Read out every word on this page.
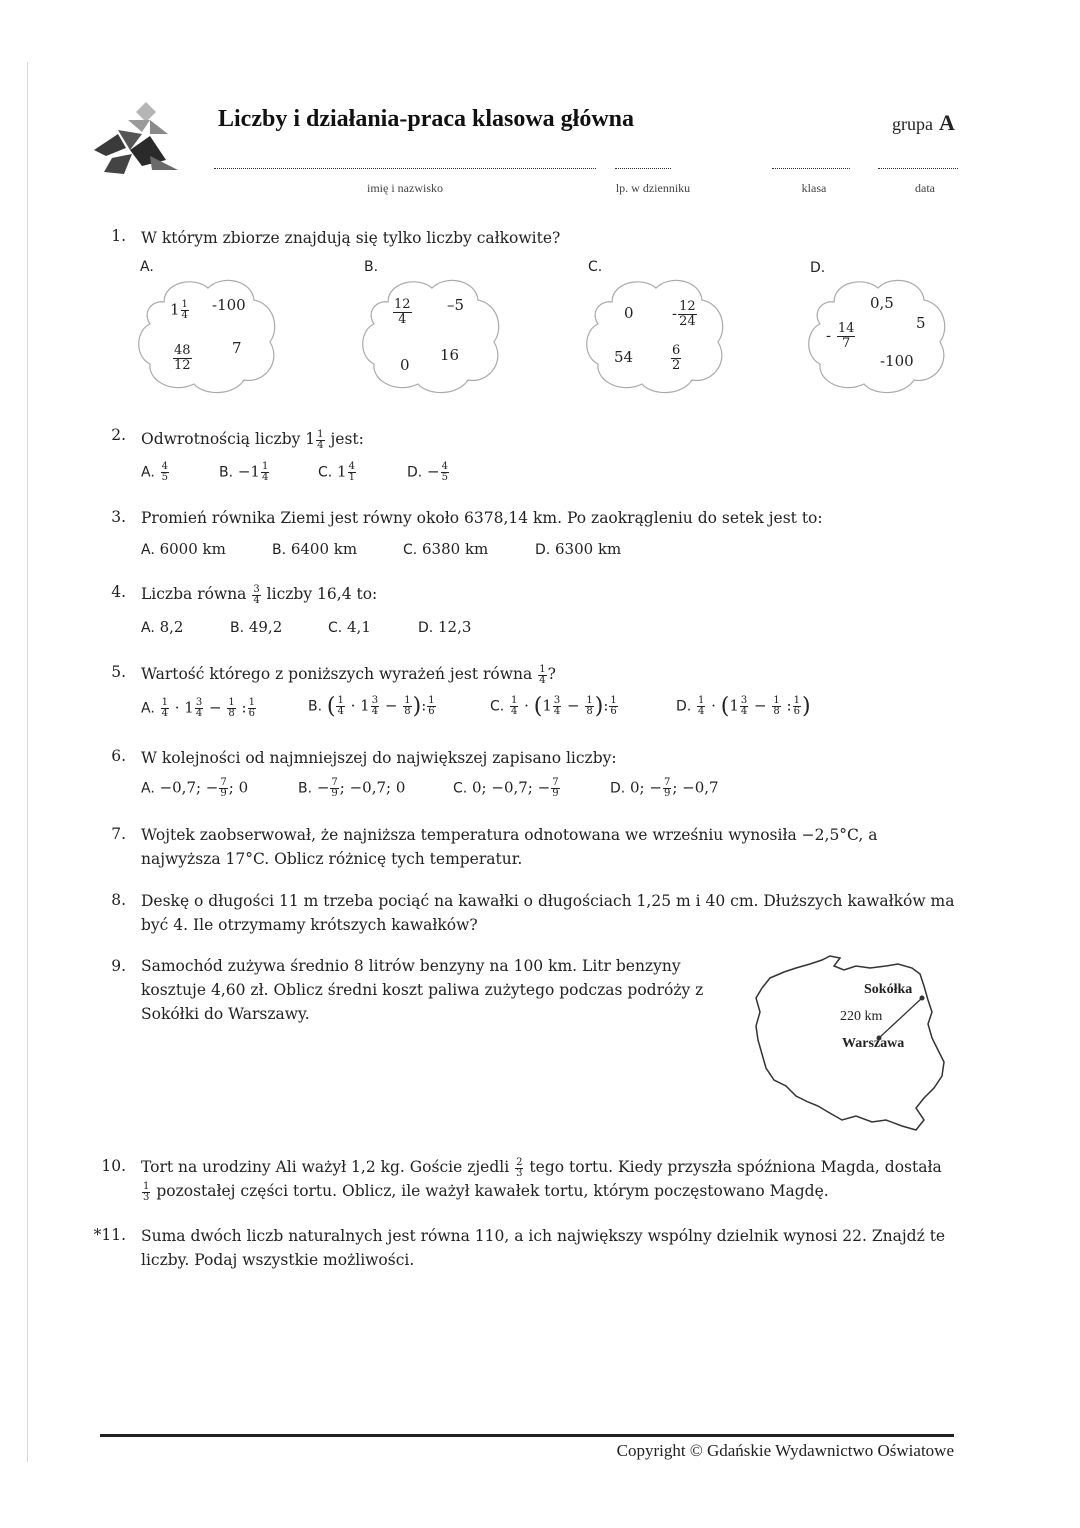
Liczby i działania-praca klasowa główna	grupa A
imię i nazwisko	lp. w dzienniku	klasa	data
1. W którym zbiorze znajdują się tylko liczby całkowite?
A.
$1 \frac{1}{4} -100$
$\frac{48}{12}$	7
B.
$\frac{12}{4} -5$
0
16
C.
0	- $\frac{12}{24}$
54	$\frac{6}{2}$
D.
0,5
5
- $\frac{14}{7}$
-100
2. Odwrotnością liczby $1 \frac{1}{4}$ jest:
A. $\frac{4}{5}$	B. $-1 \frac{1}{4}$	C. $1 \frac{4}{1}$	D. − $\frac{4}{5}$
3. Promień równika Ziemi jest równy około 6378,14 km. Po zaokrągleniu do setek jest to:
A. 6000 km	B. 6400 km	C. 6380 km	D. 6300 km
4. Liczba równa $\frac{3}{4}$ liczby 16,4 to:
A. 8,2	B. 49,2	C. 4,1	D. 12,3
5. Wartość którego z poniższych wyrażeń jest równa $\frac{1}{4}$ ?
A. $\frac{1}{4} \cdot 1 \frac{3}{4} - \frac{1}{8}$ : $\frac{1}{6}$	B. ( $\frac{1}{4} \cdot 1 \frac{3}{4} - \frac{1}{8}$ ): $\frac{1}{6}$	C. $\frac{1}{4} \cdot (1 \frac{3}{4} - \frac{1}{8}$ ): $\frac{1}{6}$	D. $\frac{1}{4} \cdot (1 \frac{3}{4} - \frac{1}{8}$ : $\frac{1}{6}$ )
6. W kolejności od najmniejszej do największej zapisano liczby:
A. −0,7; − $\frac{7}{9}$ ; 0	B. − $\frac{7}{9}$ ; −0,7; 0	C. 0; −0,7; − $\frac{7}{9}$	D. 0; − $\frac{7}{9}$ ; −0,7
7. Wojtek zaobserwował, że najniższa temperatura odnotowana we wrześniu wynosiła −2,5°C, a najwyższa 17°C. Oblicz różnicę tych temperatur.
8. Deskę o długości 11 m trzeba pociąć na kawałki o długościach 1,25 m i 40 cm. Dłuższych kawałków ma być 4. Ile otrzymamy krótszych kawałków?
9. Samochód zużywa średnio 8 litrów benzyny na 100 km. Litr benzyny kosztuje 4,60 zł. Oblicz średni koszt paliwa zużytego podczas podróży z Sokółki do Warszawy.
Sokółka
220 km
Warszawa
10. Tort na urodziny Ali ważył 1,2 kg. Goście zjedli $\frac{2}{3}$ tego tortu. Kiedy przyszła spóźniona Magda, dostała
$\frac{1}{3}$ pozostałej części tortu. Oblicz, ile ważył kawałek tortu, którym poczęstowano Magdę.
*11. Suma dwóch liczb naturalnych jest równa 110, a ich największy wspólny dzielnik wynosi 22. Znajdź te liczby. Podaj wszystkie możliwości.
Copyright © Gdańskie Wydawnictwo Oświatowe
